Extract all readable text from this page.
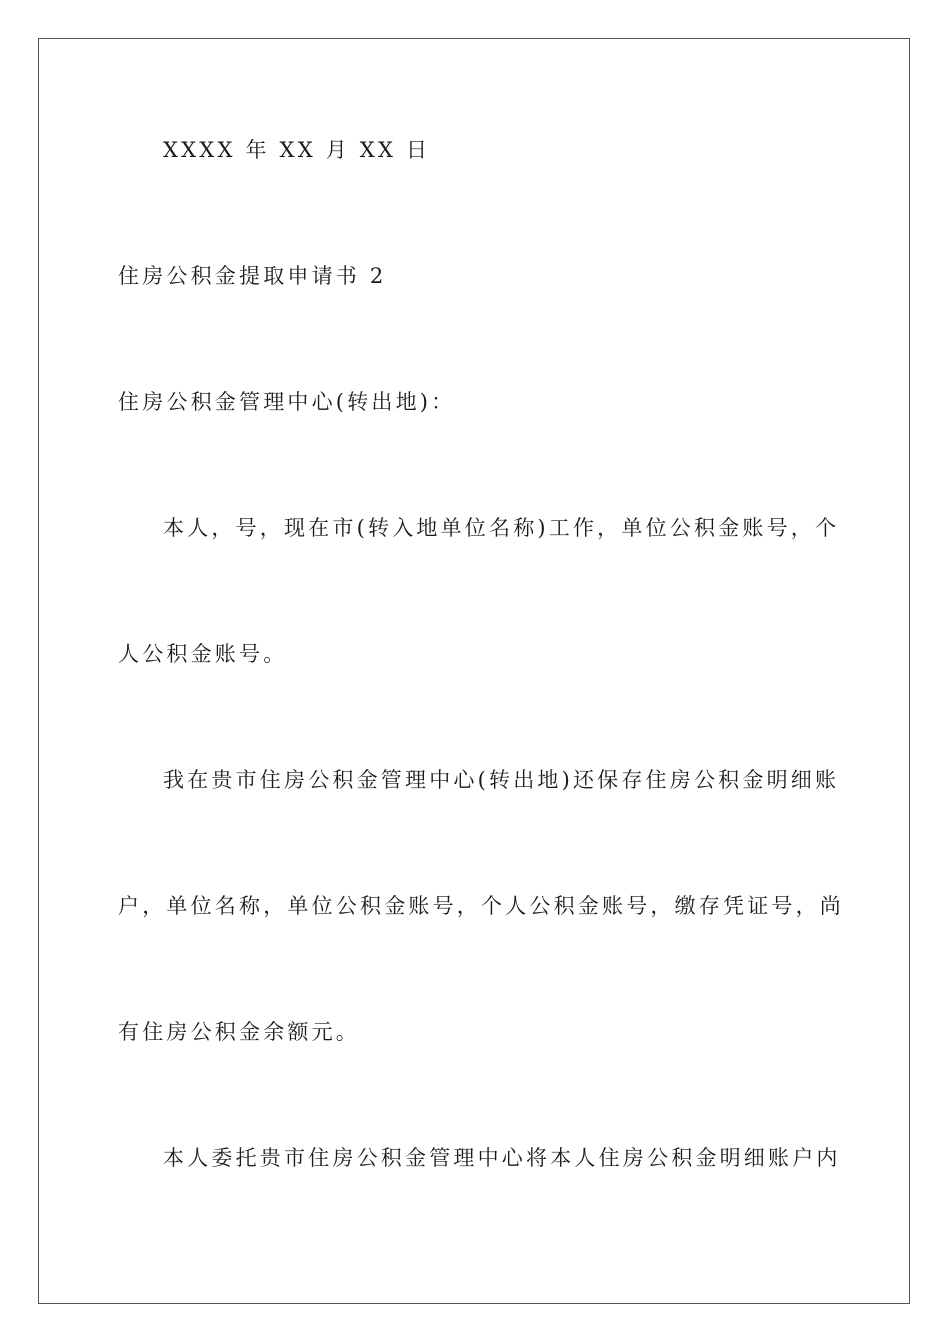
XXXX 年 XX 月 XX 日
住房公积金提取申请书 2
住房公积金管理中心(转出地)：
本人，号，现在市(转入地单位名称)工作，单位公积金账号，个
人公积金账号。
我在贵市住房公积金管理中心(转出地)还保存住房公积金明细账
户，单位名称，单位公积金账号，个人公积金账号，缴存凭证号，尚
有住房公积金余额元。
本人委托贵市住房公积金管理中心将本人住房公积金明细账户内
